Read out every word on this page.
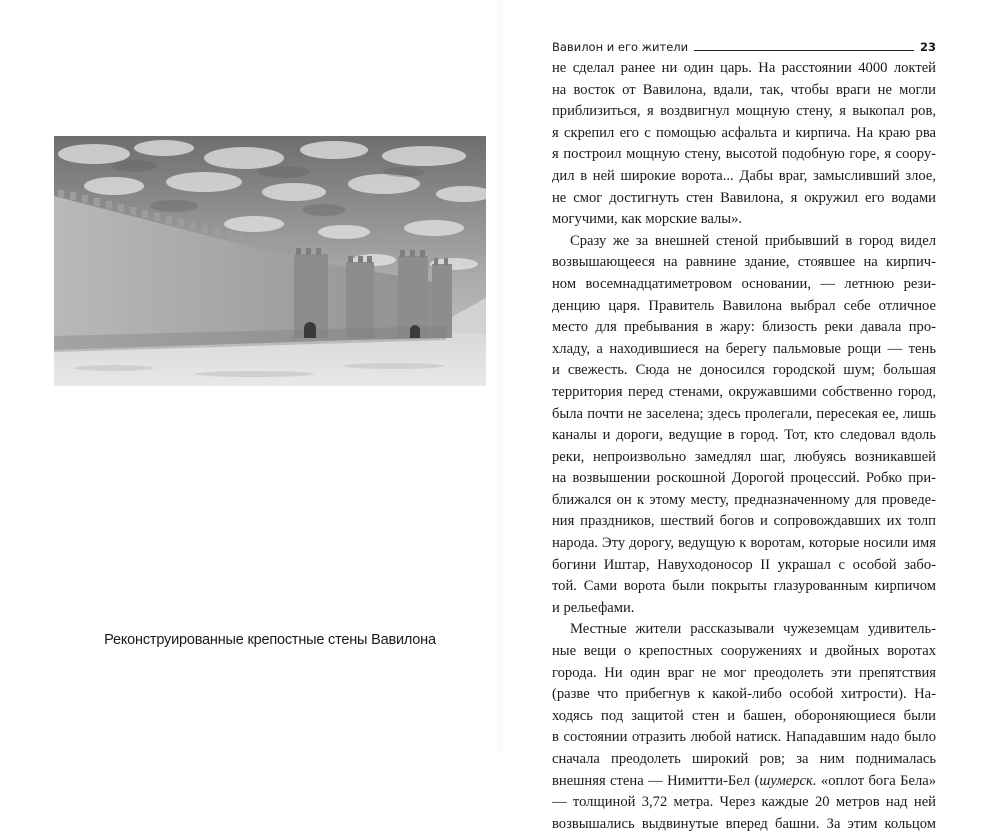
Реконструированные крепостные стены Вавилона
Вавилон и его жители	23
не сделал ранее ни один царь. На расстоянии 4000 локтей
на восток от Вавилона, вдали, так, чтобы враги не могли
приблизиться, я воздвигнул мощную стену, я выкопал ров,
я скрепил его с помощью асфальта и кирпича. На краю рва
я построил мощную стену, высотой подобную горе, я соору-
дил в ней широкие ворота... Дабы враг, замысливший злое,
не смог достигнуть стен Вавилона, я окружил его водами
могучими, как морские валы».
Сразу же за внешней стеной прибывший в город видел
возвышающееся на равнине здание, стоявшее на кирпич-
ном восемнадцатиметровом основании, — летнюю рези-
денцию царя. Правитель Вавилона выбрал себе отличное
место для пребывания в жару: близость реки давала про-
хладу, а находившиеся на берегу пальмовые рощи — тень
и свежесть. Сюда не доносился городской шум; большая
территория перед стенами, окружавшими собственно город,
была почти не заселена; здесь пролегали, пересекая ее, лишь
каналы и дороги, ведущие в город. Тот, кто следовал вдоль
реки, непроизвольно замедлял шаг, любуясь возникавшей
на возвышении роскошной Дорогой процессий. Робко при-
ближался он к этому месту, предназначенному для проведе-
ния праздников, шествий богов и сопровождавших их толп
народа. Эту дорогу, ведущую к воротам, которые носили имя
богини Иштар, Навуходоносор II украшал с особой забо-
той. Сами ворота были покрыты глазурованным кирпичом
и рельефами.
Местные жители рассказывали чужеземцам удивитель-
ные вещи о крепостных сооружениях и двойных воротах
города. Ни один враг не мог преодолеть эти препятствия
(разве что прибегнув к какой-либо особой хитрости). На-
ходясь под защитой стен и башен, обороняющиеся были
в состоянии отразить любой натиск. Нападавшим надо было
сначала преодолеть широкий ров; за ним поднималась
внешняя стена — Нимитти-Бел (шумерск. «оплот бога Бела»
— толщиной 3,72 метра. Через каждые 20 метров над ней
возвышались выдвинутые вперед башни. За этим кольцом
